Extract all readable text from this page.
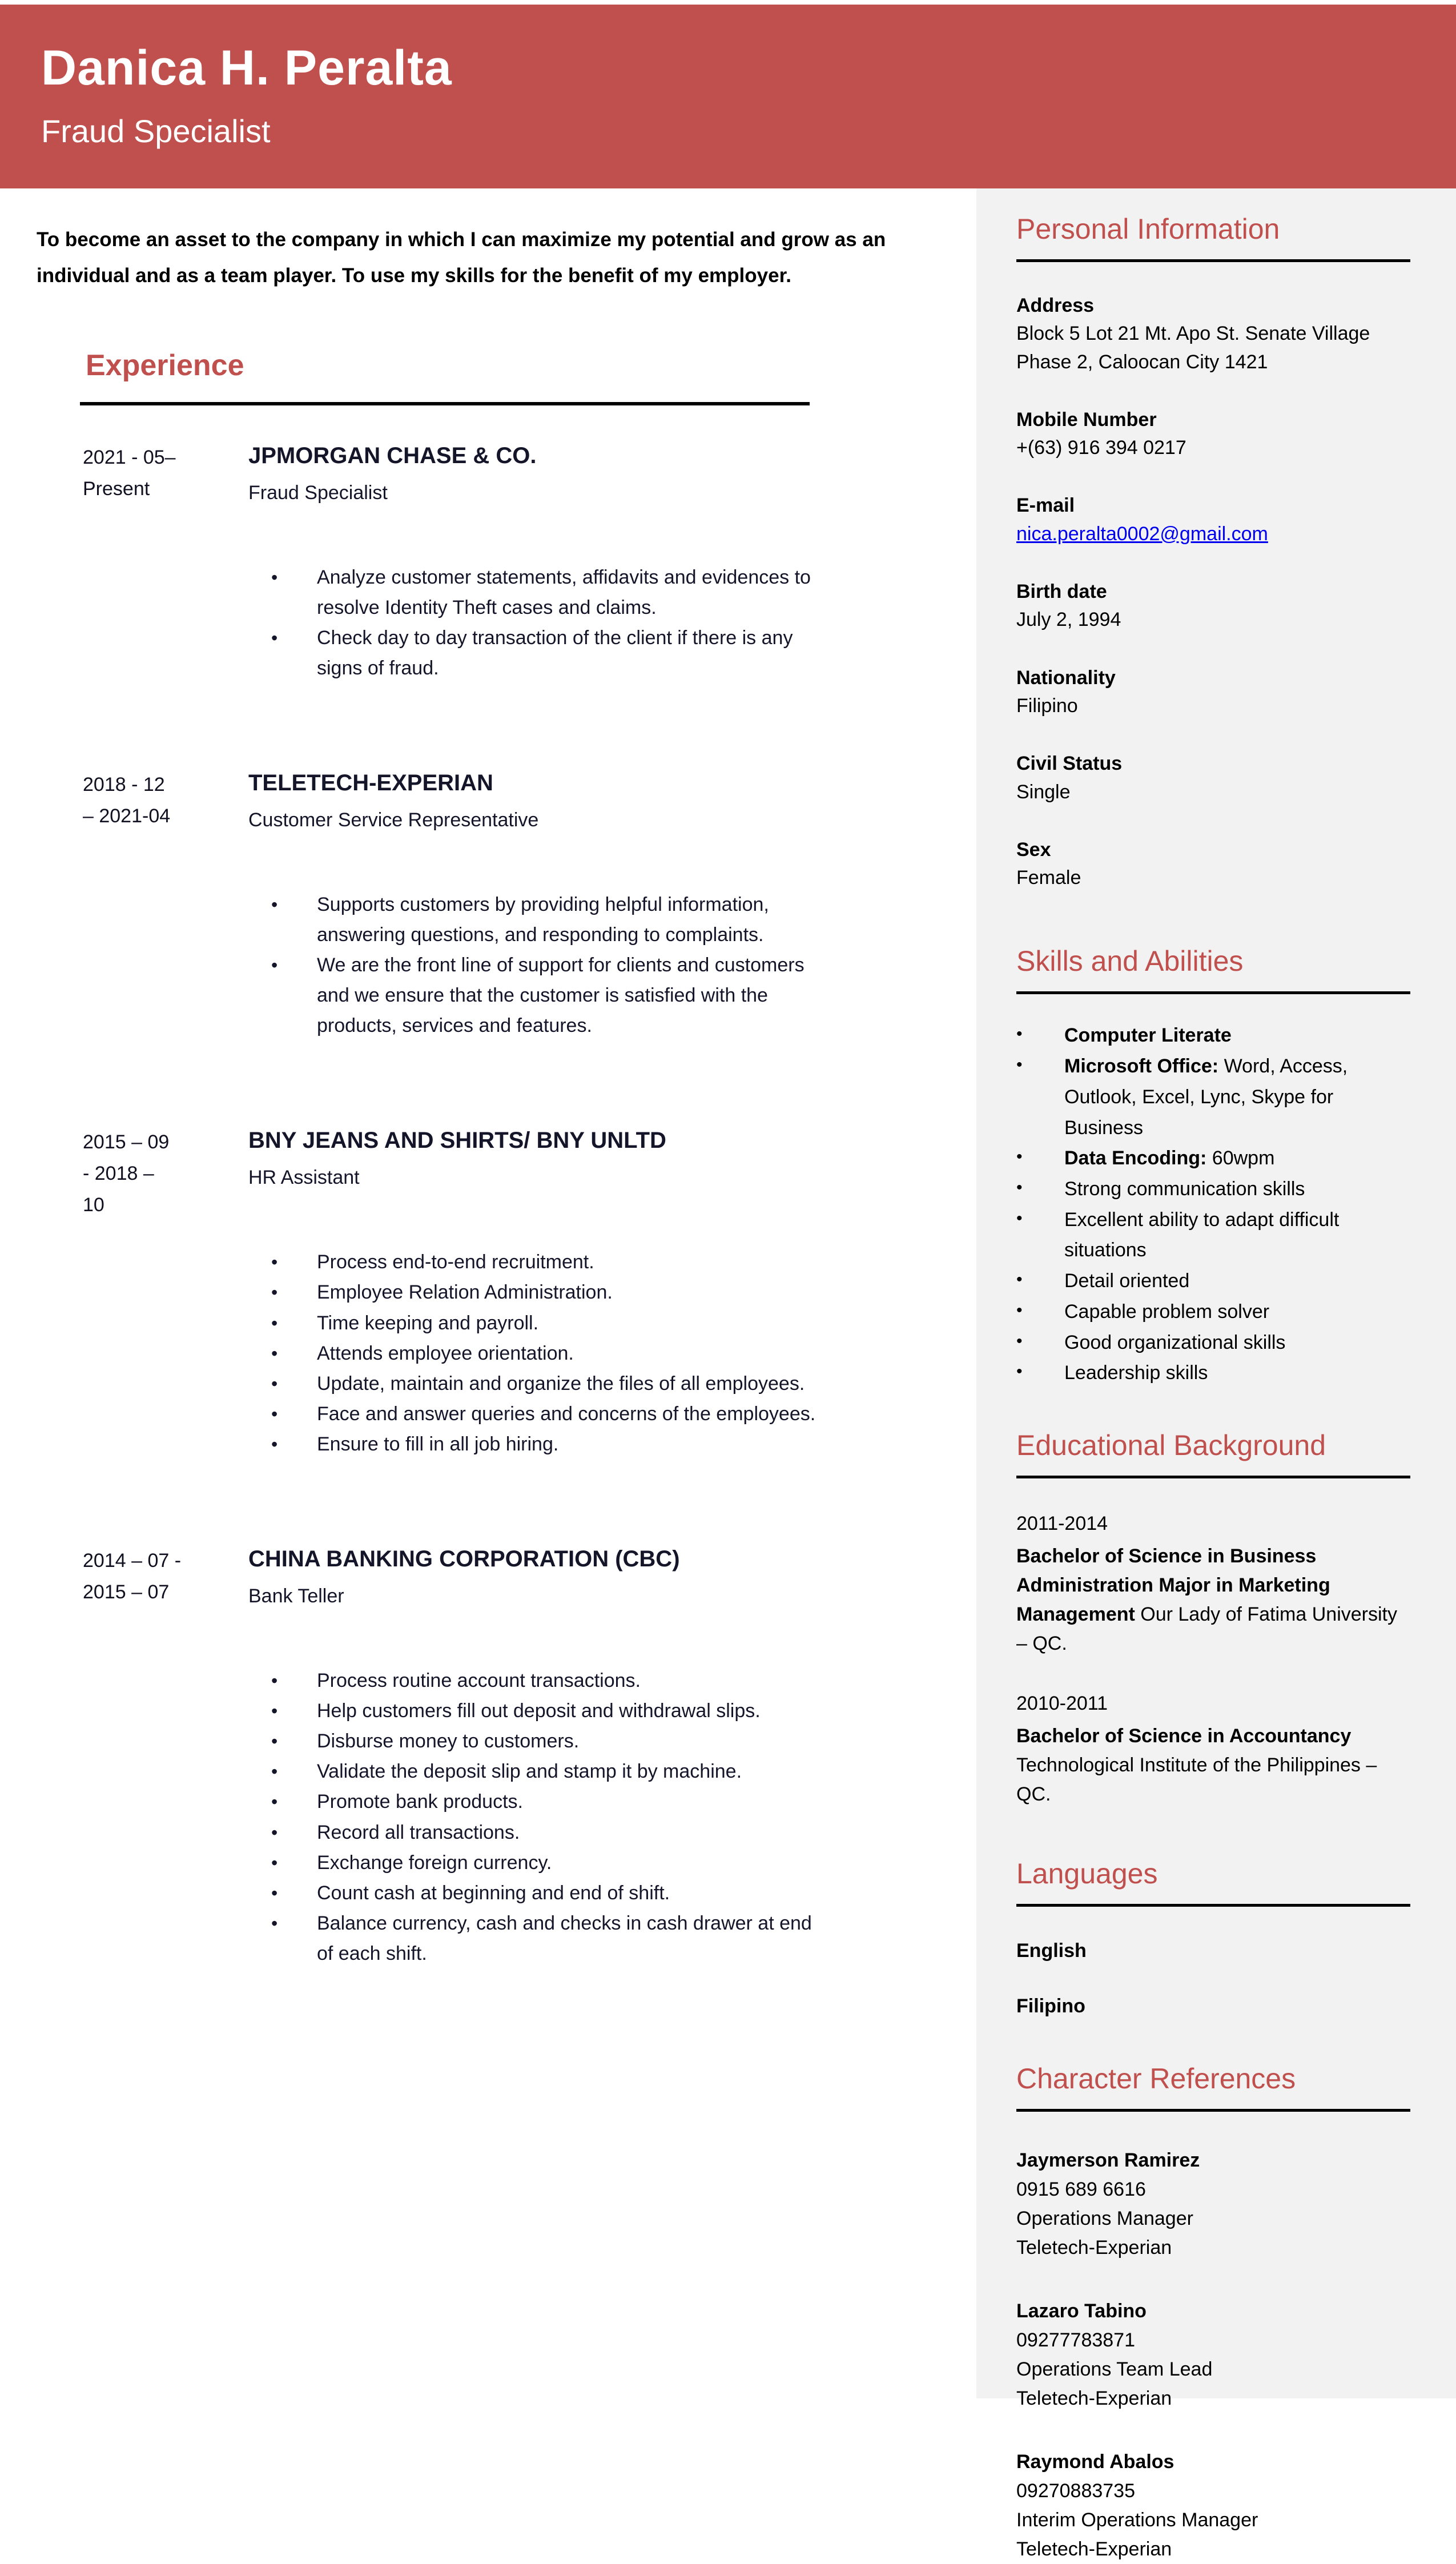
Danica H. Peralta
Fraud Specialist
To become an asset to the company in which I can maximize my potential and grow as an individual and as a team player. To use my skills for the benefit of my employer.
Experience
2021 - 05–
Present
JPMORGAN CHASE & CO.
Fraud Specialist
•	Analyze customer statements, affidavits and evidences to resolve Identity Theft cases and claims.
•	Check day to day transaction of the client if there is any signs of fraud.
2018 - 12
– 2021-04
TELETECH-EXPERIAN
Customer Service Representative
•	Supports customers by providing helpful information, answering questions, and responding to complaints.
•	We are the front line of support for clients and customers and we ensure that the customer is satisfied with the products, services and features.
2015 – 09
- 2018 –
10
BNY JEANS AND SHIRTS/ BNY UNLTD
HR Assistant
•	Process end-to-end recruitment.
•	Employee Relation Administration.
•	Time keeping and payroll.
•	Attends employee orientation.
•	Update, maintain and organize the files of all employees.
•	Face and answer queries and concerns of the employees.
•	Ensure to fill in all job hiring.
2014 – 07 -
2015 – 07
CHINA BANKING CORPORATION (CBC)
Bank Teller
•	Process routine account transactions.
•	Help customers fill out deposit and withdrawal slips.
•	Disburse money to customers.
•	Validate the deposit slip and stamp it by machine.
•	Promote bank products.
•	Record all transactions.
•	Exchange foreign currency.
•	Count cash at beginning and end of shift.
•	Balance currency, cash and checks in cash drawer at end of each shift.
Personal Information
Address
Block 5 Lot 21 Mt. Apo St. Senate Village
Phase 2, Caloocan City 1421
Mobile Number
+(63) 916 394 0217
E-mail
nica.peralta0002@gmail.com
Birth date
July 2, 1994
Nationality
Filipino
Civil Status
Single
Sex
Female
Skills and Abilities
•	Computer Literate
•	Microsoft Office: Word, Access, Outlook, Excel, Lync, Skype for Business
•	Data Encoding: 60wpm
•	Strong communication skills
•	Excellent ability to adapt difficult situations
•	Detail oriented
•	Capable problem solver
•	Good organizational skills
•	Leadership skills
Educational Background
2011-2014
Bachelor of Science in Business Administration Major in Marketing Management Our Lady of Fatima University – QC.
2010-2011
Bachelor of Science in Accountancy Technological Institute of the Philippines – QC.
Languages
English
Filipino
Character References
Jaymerson Ramirez
0915 689 6616
Operations Manager
Teletech-Experian
Lazaro Tabino
09277783871
Operations Team Lead
Teletech-Experian
Raymond Abalos
09270883735
Interim Operations Manager
Teletech-Experian
